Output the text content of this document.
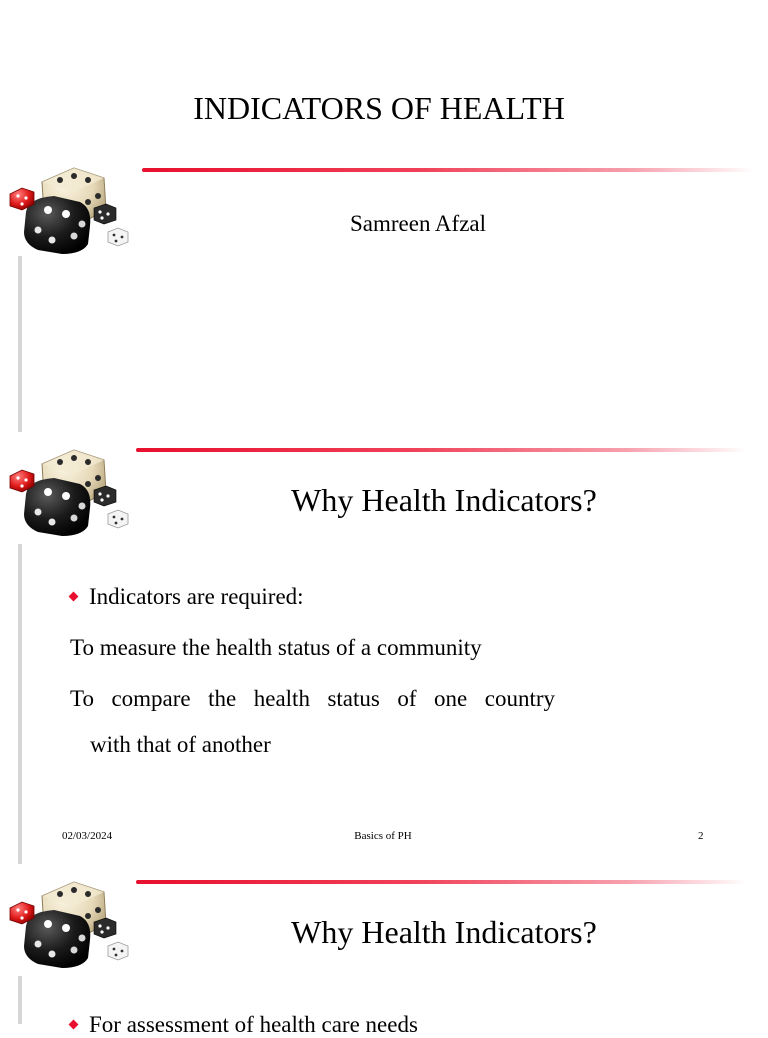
INDICATORS OF HEALTH
Samreen Afzal
Why Health Indicators?
Indicators are required:
To measure the health status of a community
To compare the health status of one country
with that of another
02/03/2024	Basics of PH	2
Why Health Indicators?
For assessment of health care needs
